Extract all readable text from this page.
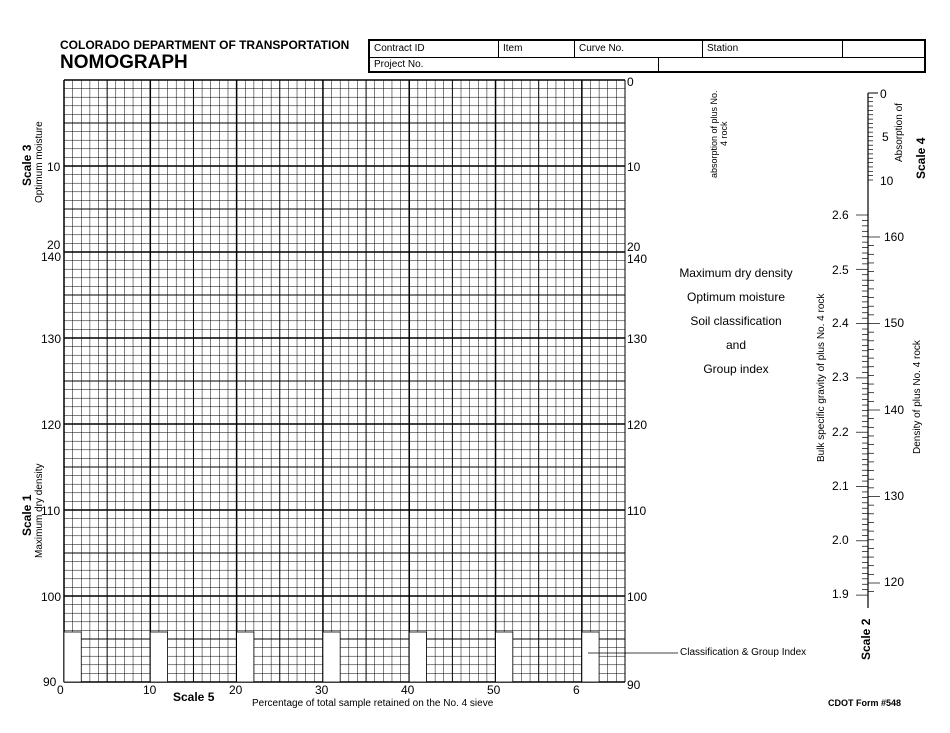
COLORADO DEPARTMENT OF TRANSPORTATION
NOMOGRAPH
Contract ID	Item	Curve No.	Station
Project No.
10
20
140
130
120
110
100
90
Scale 3 Optimum moisture
Scale 1 Maximum dry density
0
10
20
140
130
120
110
100
90
0	10	20	30	40	50	6
Scale 5	Percentage of total sample retained on the No. 4 sieve
absorption of plus No. 4 rock
Maximum dry density
Optimum moisture
Soil classification
and
Group index
Classification & Group Index
0
5
10
Absorption of Scale 4
2.6
2.5
2.4
2.3
2.2
2.1
2.0
1.9
160
150
140
130
120
Bulk specific gravity of plus No. 4 rock	Density of plus No. 4 rock
Scale 2
CDOT Form #548
